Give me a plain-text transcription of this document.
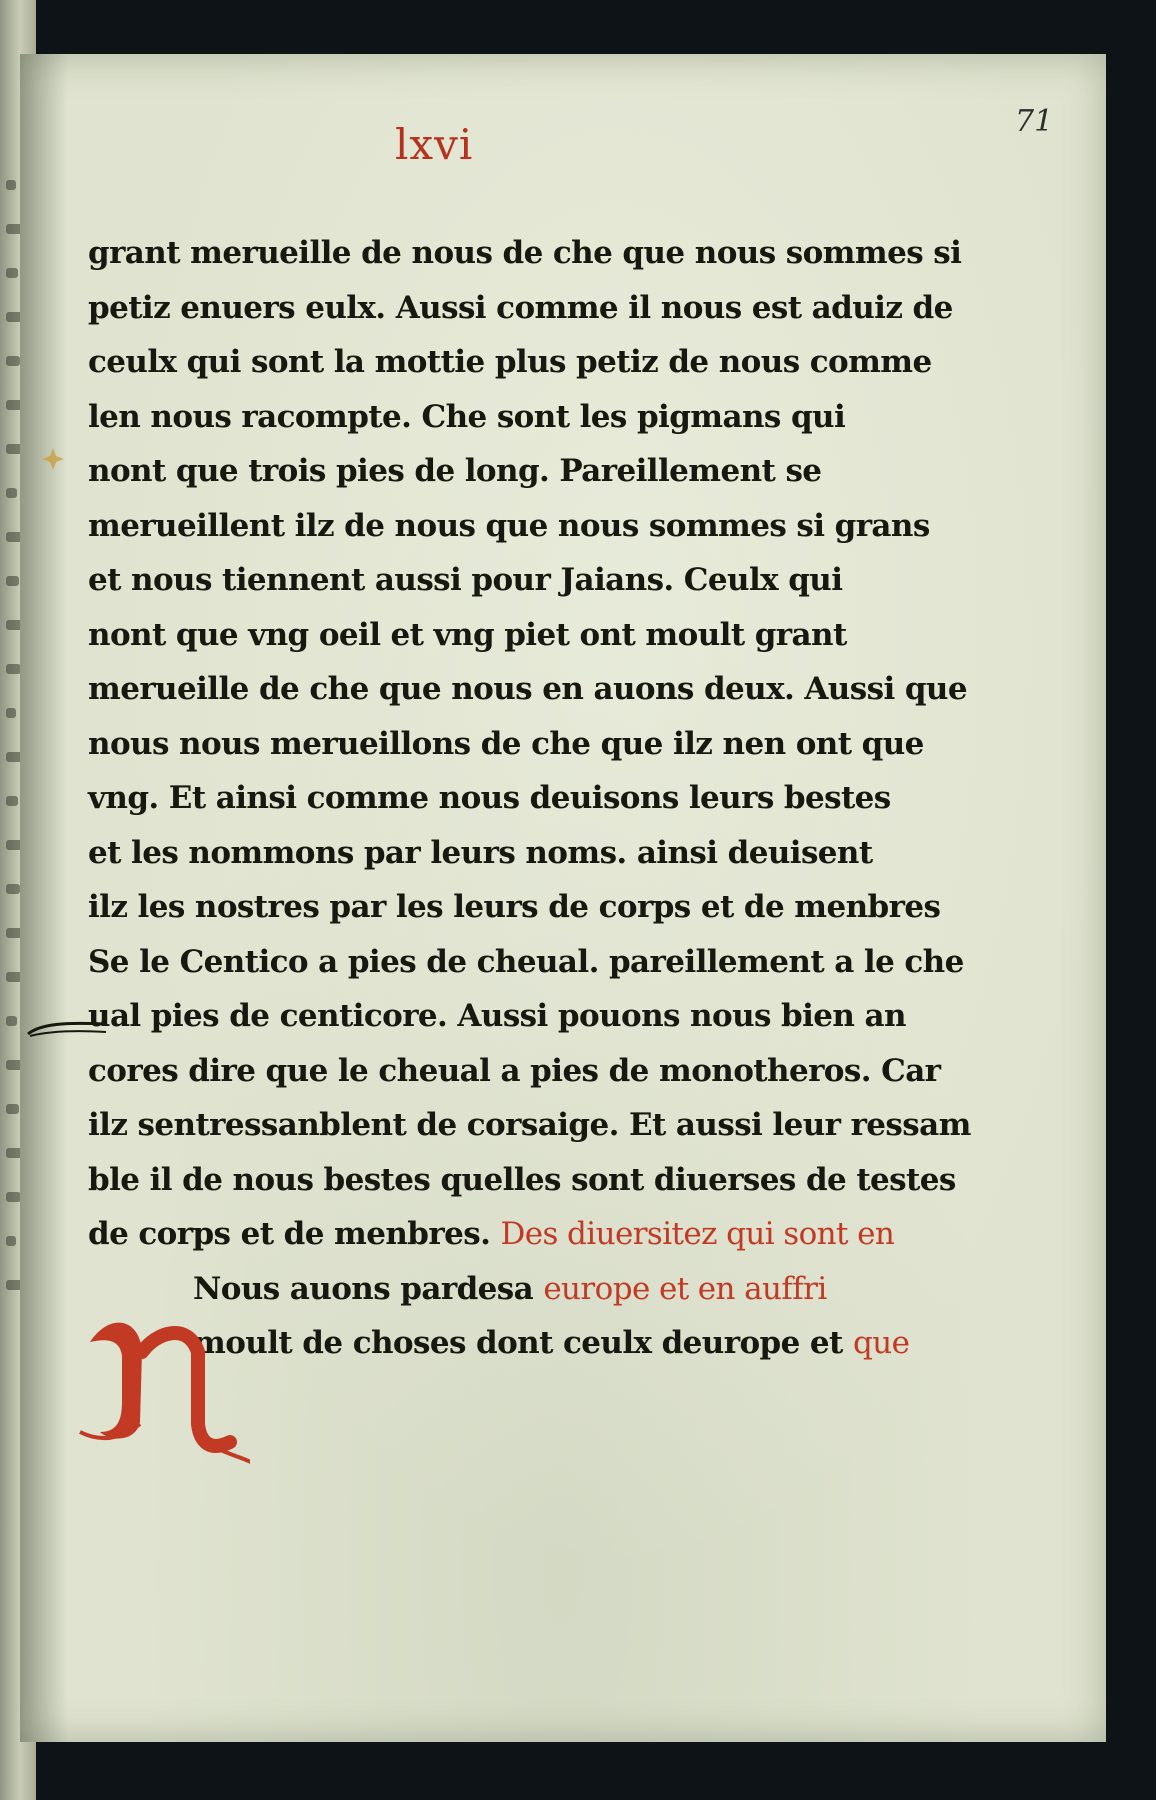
71
lxvi
grant merueille de nous de che que nous sommes si
petiz enuers eulx. Aussi comme il nous est aduiz de
ceulx qui sont la mottie plus petiz de nous comme
len nous racompte. Che sont les pigmans qui
nont que trois pies de long. Pareillement se
merueillent ilz de nous que nous sommes si grans
et nous tiennent aussi pour Jaians. Ceulx qui
nont que vng oeil et vng piet ont moult grant
merueille de che que nous en auons deux. Aussi que
nous nous merueillons de che que ilz nen ont que
vng. Et ainsi comme nous deuisons leurs bestes
et les nommons par leurs noms. ainsi deuisent
ilz les nostres par les leurs de corps et de menbres
Se le Centico a pies de cheual. pareillement a le che
ual pies de centicore. Aussi pouons nous bien an
cores dire que le cheual a pies de monotheros. Car
ilz sentressanblent de corsaige. Et aussi leur ressam
ble il de nous bestes quelles sont diuerses de testes
de corps et de menbres. Des diuersitez qui sont en
Nous auons pardesa europe et en auffri
moult de choses dont ceulx deurope et que
